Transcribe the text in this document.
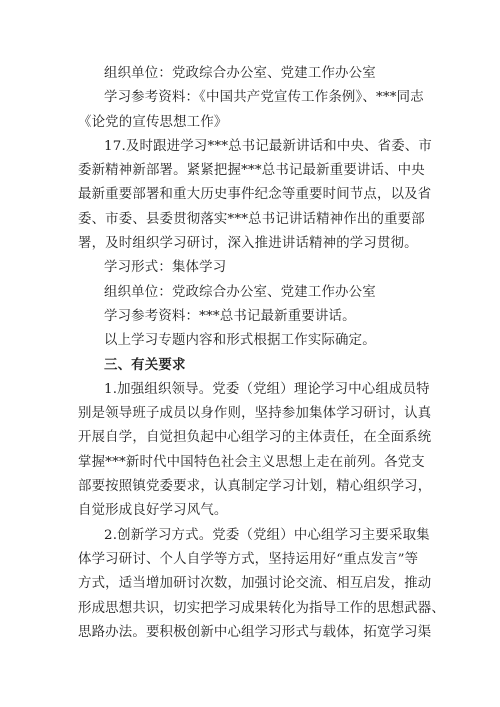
组织单位：党政综合办公室、党建工作办公室
学习参考资料：《中国共产党宣传工作条例》、***同志
《论党的宣传思想工作》
17.及时跟进学习***总书记最新讲话和中央、省委、市
委新精神新部署。紧紧把握***总书记最新重要讲话、中央
最新重要部署和重大历史事件纪念等重要时间节点，以及省
委、市委、县委贯彻落实***总书记讲话精神作出的重要部
署，及时组织学习研讨，深入推进讲话精神的学习贯彻。
学习形式：集体学习
组织单位：党政综合办公室、党建工作办公室
学习参考资料：***总书记最新重要讲话。
以上学习专题内容和形式根据工作实际确定。
三、有关要求
1.加强组织领导。党委（党组）理论学习中心组成员特
别是领导班子成员以身作则，坚持参加集体学习研讨，认真
开展自学，自觉担负起中心组学习的主体责任，在全面系统
掌握***新时代中国特色社会主义思想上走在前列。各党支
部要按照镇党委要求，认真制定学习计划，精心组织学习，
自觉形成良好学习风气。
2.创新学习方式。党委（党组）中心组学习主要采取集
体学习研讨、个人自学等方式，坚持运用好“重点发言”等
方式，适当增加研讨次数，加强讨论交流、相互启发，推动
形成思想共识，切实把学习成果转化为指导工作的思想武器、
思路办法。要积极创新中心组学习形式与载体，拓宽学习渠
